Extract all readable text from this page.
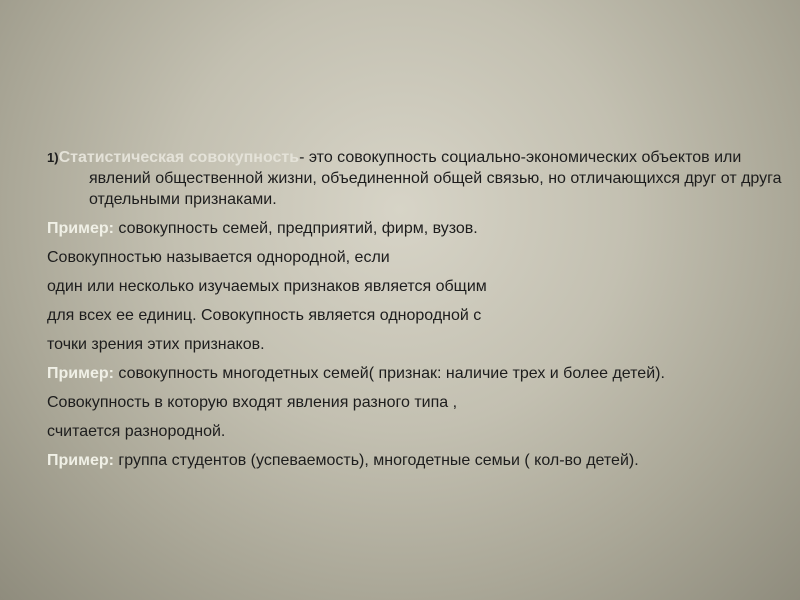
1)Статистическая совокупность- это совокупность социально-экономических объектов или явлений общественной жизни, объединенной общей связью, но отличающихся друг от друга отдельными признаками.

Пример: совокупность семей, предприятий, фирм, вузов.

Совокупностью называется однородной, если

один или несколько изучаемых признаков является общим

для всех ее единиц. Совокупность является однородной с

точки зрения этих признаков.

Пример: совокупность многодетных семей( признак: наличие трех и более детей).

Совокупность в которую входят явления разного типа ,

считается разнородной.

Пример: группа студентов (успеваемость), многодетные семьи ( кол-во детей).
